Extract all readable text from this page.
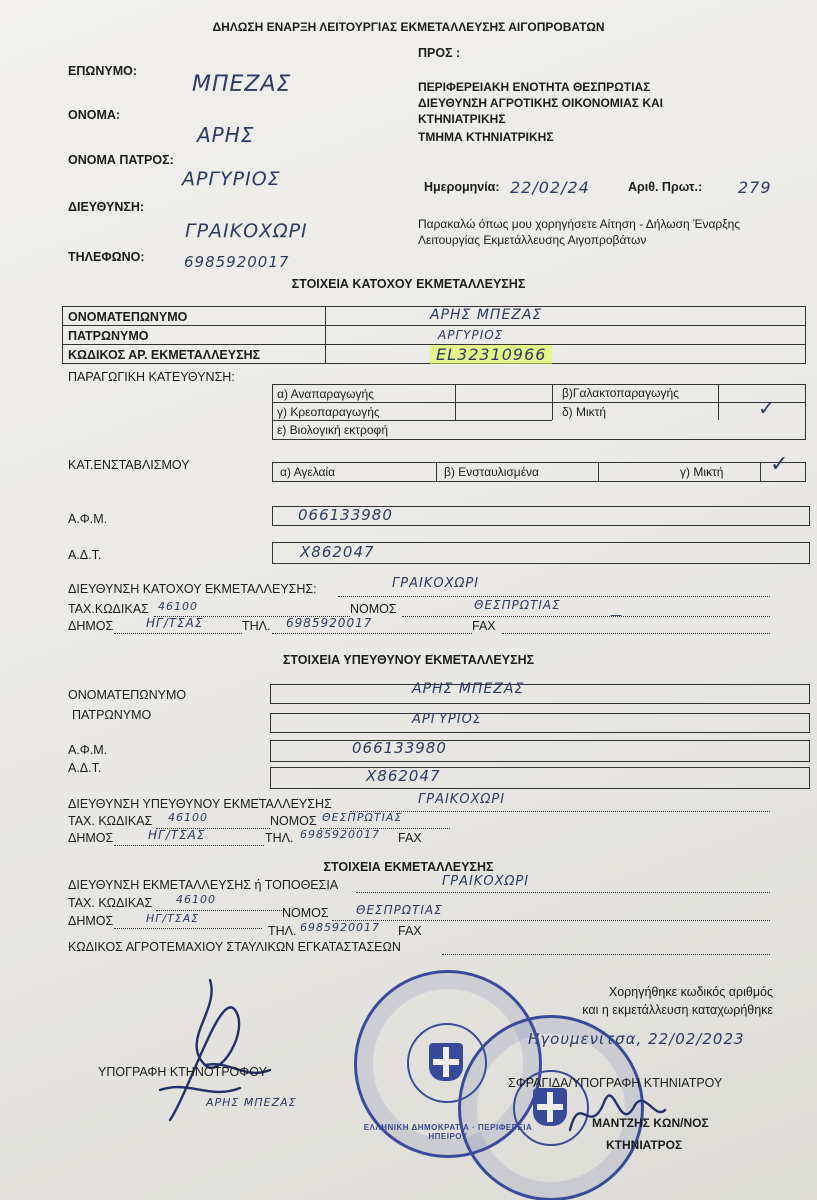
ΔΗΛΩΣΗ ΕΝΑΡΞΗ ΛΕΙΤΟΥΡΓΙΑΣ ΕΚΜΕΤΑΛΛΕΥΣΗΣ ΑΙΓΟΠΡΟΒΑΤΩΝ
ΕΠΩΝΥΜΟ:
ΜΠΕΖΑΣ
ΟΝΟΜΑ:
ΑΡΗΣ
ΟΝΟΜΑ ΠΑΤΡΟΣ:
ΑΡΓΥΡΙΟΣ
ΔΙΕΥΘΥΝΣΗ:
ΓΡΑΙΚΟΧΩΡΙ
ΤΗΛΕΦΩΝΟ:	6985920017
ΠΡΟΣ :
ΠΕΡΙΦΕΡΕΙΑΚΗ ΕΝΟΤΗΤΑ ΘΕΣΠΡΩΤΙΑΣ
ΔΙΕΥΘΥΝΣΗ ΑΓΡΟΤΙΚΗΣ ΟΙΚΟΝΟΜΙΑΣ ΚΑΙ
ΚΤΗΝΙΑΤΡΙΚΗΣ
ΤΜΗΜΑ ΚΤΗΝΙΑΤΡΙΚΗΣ
Ημερομηνία: 22/02/24	Αριθ. Πρωτ.: 279
Παρακαλώ όπως μου χορηγήσετε Αίτηση - Δήλωση Έναρξης
Λειτουργίας Εκμετάλλευσης Αιγοπροβάτων
ΣΤΟΙΧΕΙΑ ΚΑΤΟΧΟΥ ΕΚΜΕΤΑΛΛΕΥΣΗΣ
ΟΝΟΜΑΤΕΠΩΝΥΜΟ	ΑΡΗΣ ΜΠΕΖΑΣ
ΠΑΤΡΩΝΥΜΟ	ΑΡΓΥΡΙΟΣ
ΚΩΔΙΚΟΣ ΑΡ. ΕΚΜΕΤΑΛΛΕΥΣΗΣ	EL32310966
ΠΑΡΑΓΩΓΙΚΗ ΚΑΤΕΥΘΥΝΣΗ:
α) Αναπαραγωγής	β)Γαλακτοπαραγωγής
γ) Κρεοπαραγωγής	δ) Μικτή	✓
ε) Βιολογική εκτροφή
ΚΑΤ.ΕΝΣΤΑΒΛΙΣΜΟΥ	α) Αγελαία	β) Ενσταυλισμένα	γ) Μικτή ✓
Α.Φ.Μ.	066133980
Α.Δ.Τ.	Χ862047
ΔΙΕΥΘΥΝΣΗ ΚΑΤΟΧΟΥ ΕΚΜΕΤΑΛΛΕΥΣΗΣ:	ΓΡΑΙΚΟΧΩΡΙ
ΤΑΧ.ΚΩΔΙΚΑΣ 46100	ΝΟΜΟΣ	ΘΕΣΠΡΩΤΙΑΣ
ΔΗΜΟΣ	ΗΓ/ΤΣΑΣ	ΤΗΛ. 6985920017	FAX
—
ΣΤΟΙΧΕΙΑ ΥΠΕΥΘΥΝΟΥ ΕΚΜΕΤΑΛΛΕΥΣΗΣ
ΟΝΟΜΑΤΕΠΩΝΥΜΟ	ΑΡΗΣ ΜΠΕΖΑΣ
ΠΑΤΡΩΝΥΜΟ	ΑΡΓΥΡΙΟΣ
Α.Φ.Μ.	066133980
Α.Δ.Τ.	Χ862047
ΔΙΕΥΘΥΝΣΗ ΥΠΕΥΘΥΝΟΥ ΕΚΜΕΤΑΛΛΕΥΣΗΣ	ΓΡΑΙΚΟΧΩΡΙ
ΤΑΧ. ΚΩΔΙΚΑΣ 46100	ΝΟΜΟΣ ΘΕΣΠΡΩΤΙΑΣ
ΔΗΜΟΣ	ΗΓ/ΤΣΑΣ	ΤΗΛ. 6985920017 FAX
ΣΤΟΙΧΕΙΑ ΕΚΜΕΤΑΛΛΕΥΣΗΣ
ΔΙΕΥΘΥΝΣΗ ΕΚΜΕΤΑΛΛΕΥΣΗΣ ή ΤΟΠΟΘΕΣΙΑ	ΓΡΑΙΚΟΧΩΡΙ
ΤΑΧ. ΚΩΔΙΚΑΣ 46100
ΝΟΜΟΣ ΘΕΣΠΡΩΤΙΑΣ
ΔΗΜΟΣ	ΗΓ/ΤΣΑΣ
ΤΗΛ. 6985920017 FAX
ΚΩΔΙΚΟΣ ΑΓΡΟΤΕΜΑΧΙΟΥ ΣΤΑΥΛΙΚΩΝ ΕΓΚΑΤΑΣΤΑΣΕΩΝ
Χορηγήθηκε κωδικός αριθμός
και η εκμετάλλευση καταχωρήθηκε
Ηγουμενίτσα, 22/02/2023
ΥΠΟΓΡΑΦΗ ΚΤΗΝΟΤΡΟΦΟΥ
ΑΡΗΣ ΜΠΕΖΑΣ
ΕΛΛΗΝΙΚΗ ΔΗΜΟΚΡΑΤΙΑ · ΠΕΡΙΦΕΡΕΙΑ ΗΠΕΙΡΟΥ
ΣΦΡΑΓΙΔΑ/ΥΠΟΓΡΑΦΗ ΚΤΗΝΙΑΤΡΟΥ
ΜΑΝΤΖΗΣ ΚΩΝ/ΝΟΣ
ΚΤΗΝΙΑΤΡΟΣ
